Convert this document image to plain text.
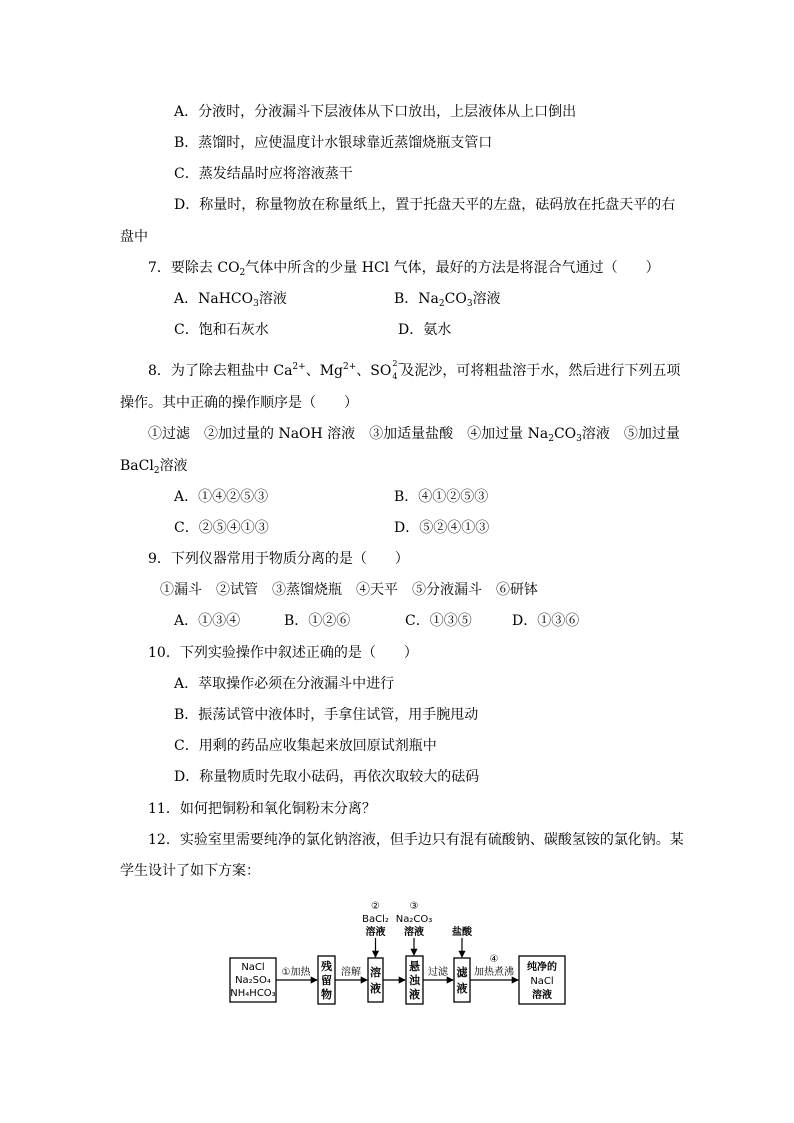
A．分液时，分液漏斗下层液体从下口放出，上层液体从上口倒出
B．蒸馏时，应使温度计水银球靠近蒸馏烧瓶支管口
C．蒸发结晶时应将溶液蒸干
D．称量时，称量物放在称量纸上，置于托盘天平的左盘，砝码放在托盘天平的右
盘中
7．要除去 $CO_2$气体中所含的少量 HCl 气体，最好的方法是将混合气通过（　　）
A．NaHCO$_3$溶液	B．$Na_2CO_3$溶液
C．饱和石灰水	D．氨水
8．为了除去粗盐中 $Ca^{2+}$、$Mg^{2+}$、SO 2−
4 及泥沙，可将粗盐溶于水，然后进行下列五项
操作。其中正确的操作顺序是（　　）
①过滤　②加过量的 NaOH 溶液　③加适量盐酸　④加过量 $Na_2CO_3$溶液　⑤加过量
BaCl$_2$溶液
A．①④②⑤③	B．④①②⑤③
C．②⑤④①③	D．⑤②④①③
9．下列仪器常用于物质分离的是（　　）
①漏斗　②试管　③蒸馏烧瓶　④天平　⑤分液漏斗　⑥研钵
A．①③④	B．①②⑥	C．①③⑤	D．①③⑥
10．下列实验操作中叙述正确的是（　　）
A．萃取操作必须在分液漏斗中进行
B．振荡试管中液体时，手拿住试管，用手腕甩动
C．用剩的药品应收集起来放回原试剂瓶中
D．称量物质时先取小砝码，再依次取较大的砝码
11．如何把铜粉和氧化铜粉末分离？
12．实验室里需要纯净的氯化钠溶液，但手边只有混有硫酸钠、碳酸氢铵的氯化钠。某
学生设计了如下方案：
NaCl
Na₂SO₄
NH₄HCO₃
①加热 残
留
物
溶解 溶
液
②
BaCl₂
溶液
③
Na₂CO₃
溶液
悬
浊
液
过滤
盐酸
滤
液
④
加热煮沸 纯净的
NaCl
溶液
